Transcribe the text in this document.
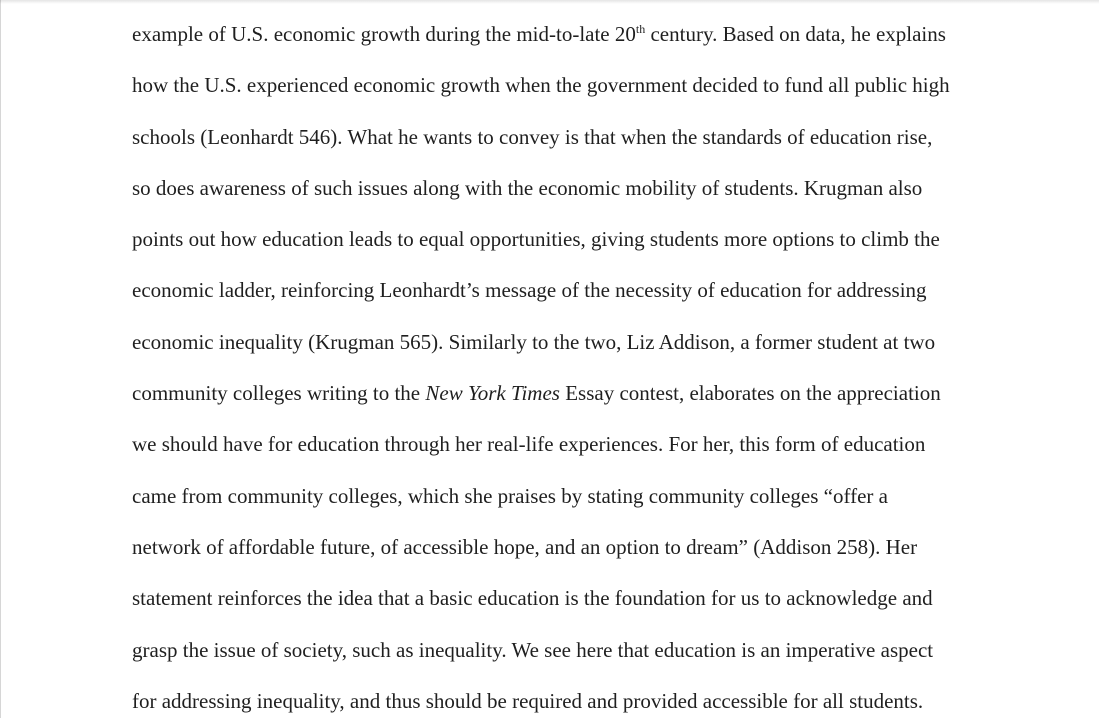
example of U.S. economic growth during the mid-to-late 20th century. Based on data, he explains
how the U.S. experienced economic growth when the government decided to fund all public high
schools (Leonhardt 546). What he wants to convey is that when the standards of education rise,
so does awareness of such issues along with the economic mobility of students. Krugman also
points out how education leads to equal opportunities, giving students more options to climb the
economic ladder, reinforcing Leonhardt’s message of the necessity of education for addressing
economic inequality (Krugman 565). Similarly to the two, Liz Addison, a former student at two
community colleges writing to the New York Times Essay contest, elaborates on the appreciation
we should have for education through her real-life experiences. For her, this form of education
came from community colleges, which she praises by stating community colleges “offer a
network of affordable future, of accessible hope, and an option to dream” (Addison 258). Her
statement reinforces the idea that a basic education is the foundation for us to acknowledge and
grasp the issue of society, such as inequality. We see here that education is an imperative aspect
for addressing inequality, and thus should be required and provided accessible for all students.
